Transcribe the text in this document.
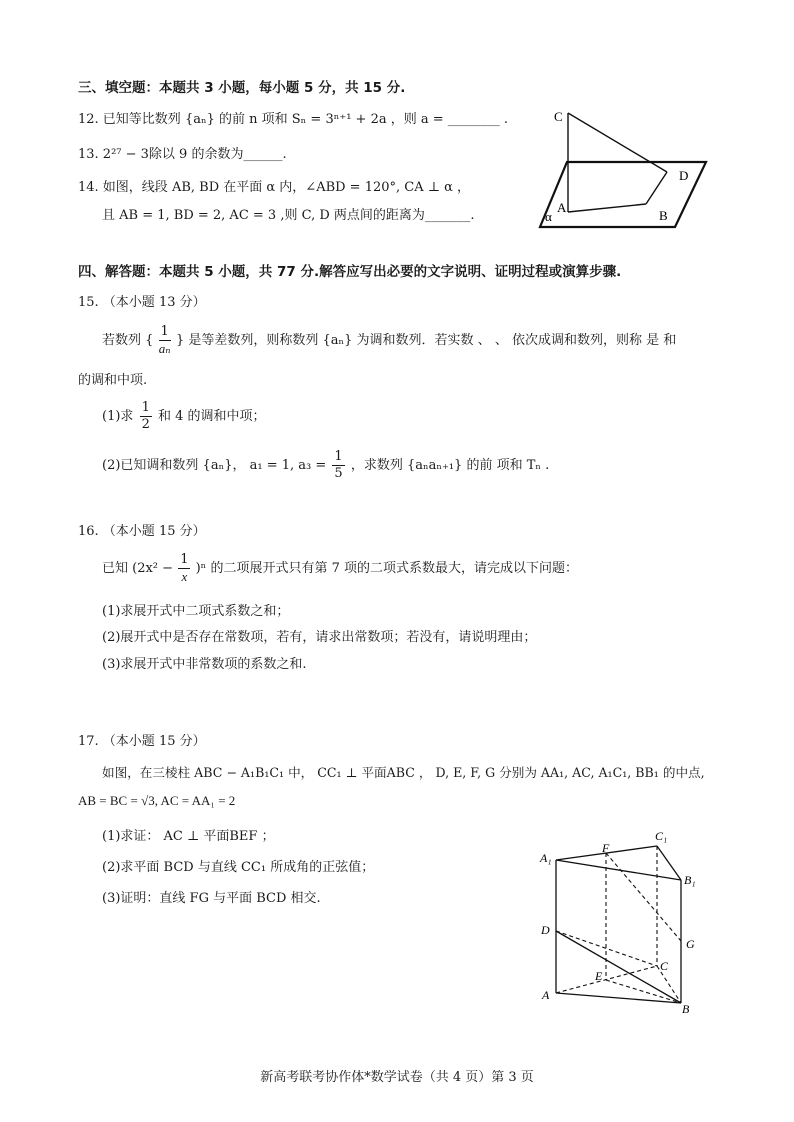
三、填空题：本题共 3 小题，每小题 5 分，共 15 分.
12. 已知等比数列 {aₙ} 的前 n 项和 Sₙ = 3ⁿ⁺¹ + 2a ，则 a = ________ .
13. 2²⁷ − 3除以 9 的余数为______.
14. 如图，线段 AB, BD 在平面 α 内，∠ABD = 120°, CA ⊥ α ，
且 AB = 1, BD = 2, AC = 3 ,则 C, D 两点间的距离为_______.
C
D
A
B
α
四、解答题：本题共 5 小题，共 77 分.解答应写出必要的文字说明、证明过程或演算步骤.
15. （本小题 13 分）
若数列 { $\frac{1}{\text{aₙ}}$ } 是等差数列，则称数列 {aₙ} 为调和数列．若实数 、 、 依次成调和数列，则称 是 和
的调和中项.
(1)求 $\frac{1}{2}$ 和 4 的调和中项；
(2)已知调和数列 {aₙ}， a₁ = 1, $a_3 = \frac{1}{5}$ ，求数列 {aₙaₙ₊₁} 的前 项和 Tₙ .
16. （本小题 15 分）
已知 $(2x^2 - \frac{1}{x} )^n$ 的二项展开式只有第 7 项的二项式系数最大，请完成以下问题：
(1)求展开式中二项式系数之和；
(2)展开式中是否存在常数项，若有，请求出常数项；若没有，请说明理由；
(3)求展开式中非常数项的系数之和.
17. （本小题 15 分）
如图，在三棱柱 ABC − A₁B₁C₁ 中， CC₁ ⊥ 平面ABC ， D, E, F, G 分别为 AA₁, AC, A₁C₁, BB₁ 的中点,
AB = BC = √3, AC = AA₁ = 2
(1)求证： AC ⊥ 平面BEF ；
(2)求平面 BCD 与直线 CC₁ 所成角的正弦值；
(3)证明：直线 FG 与平面 BCD 相交.
A₁
C₁
B₁
F
D
G
C
E
A
B
新高考联考协作体*数学试卷（共 4 页）第 3 页
